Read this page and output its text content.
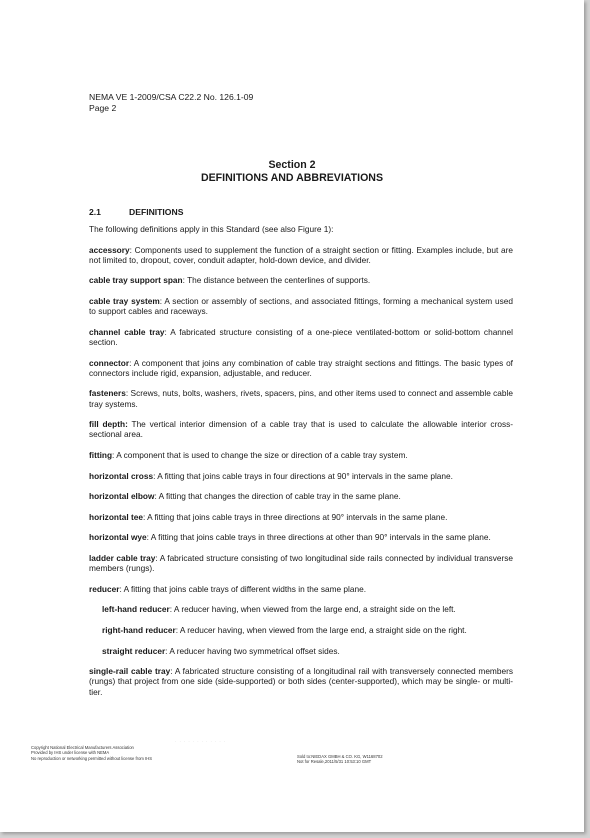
NEMA VE 1-2009/CSA C22.2 No. 126.1-09
Page 2
Section 2
DEFINITIONS AND ABBREVIATIONS
2.1	DEFINITIONS

The following definitions apply in this Standard (see also Figure 1):

accessory: Components used to supplement the function of a straight section or fitting. Examples include, but are not limited to, dropout, cover, conduit adapter, hold-down device, and divider.

cable tray support span: The distance between the centerlines of supports.

cable tray system: A section or assembly of sections, and associated fittings, forming a mechanical system used to support cables and raceways.

channel cable tray: A fabricated structure consisting of a one-piece ventilated-bottom or solid-bottom channel section.

connector: A component that joins any combination of cable tray straight sections and fittings. The basic types of connectors include rigid, expansion, adjustable, and reducer.

fasteners: Screws, nuts, bolts, washers, rivets, spacers, pins, and other items used to connect and assemble cable tray systems.

fill depth: The vertical interior dimension of a cable tray that is used to calculate the allowable interior cross-sectional area.

fitting: A component that is used to change the size or direction of a cable tray system.

horizontal cross: A fitting that joins cable trays in four directions at 90° intervals in the same plane.

horizontal elbow: A fitting that changes the direction of cable tray in the same plane.

horizontal tee: A fitting that joins cable trays in three directions at 90° intervals in the same plane.

horizontal wye: A fitting that joins cable trays in three directions at other than 90° intervals in the same plane.

ladder cable tray: A fabricated structure consisting of two longitudinal side rails connected by individual transverse members (rungs).

reducer: A fitting that joins cable trays of different widths in the same plane.

left-hand reducer: A reducer having, when viewed from the large end, a straight side on the left.

right-hand reducer: A reducer having, when viewed from the large end, a straight side on the right.

straight reducer: A reducer having two symmetrical offset sides.

single-rail cable tray: A fabricated structure consisting of a longitudinal rail with transversely connected members (rungs) that project from one side (side-supported) or both sides (center-supported), which may be single- or multi-tier.

· · · · · · · · · · · ·
Copyright National Electrical Manufacturers Association
Provided by IHS under license with NEMA
No reproduction or networking permitted without license from IHS	Sold to:NIEDAX GMBH & CO. KG, W1168702
Not for Resale,2011/5/31 10:53:10 GMT
